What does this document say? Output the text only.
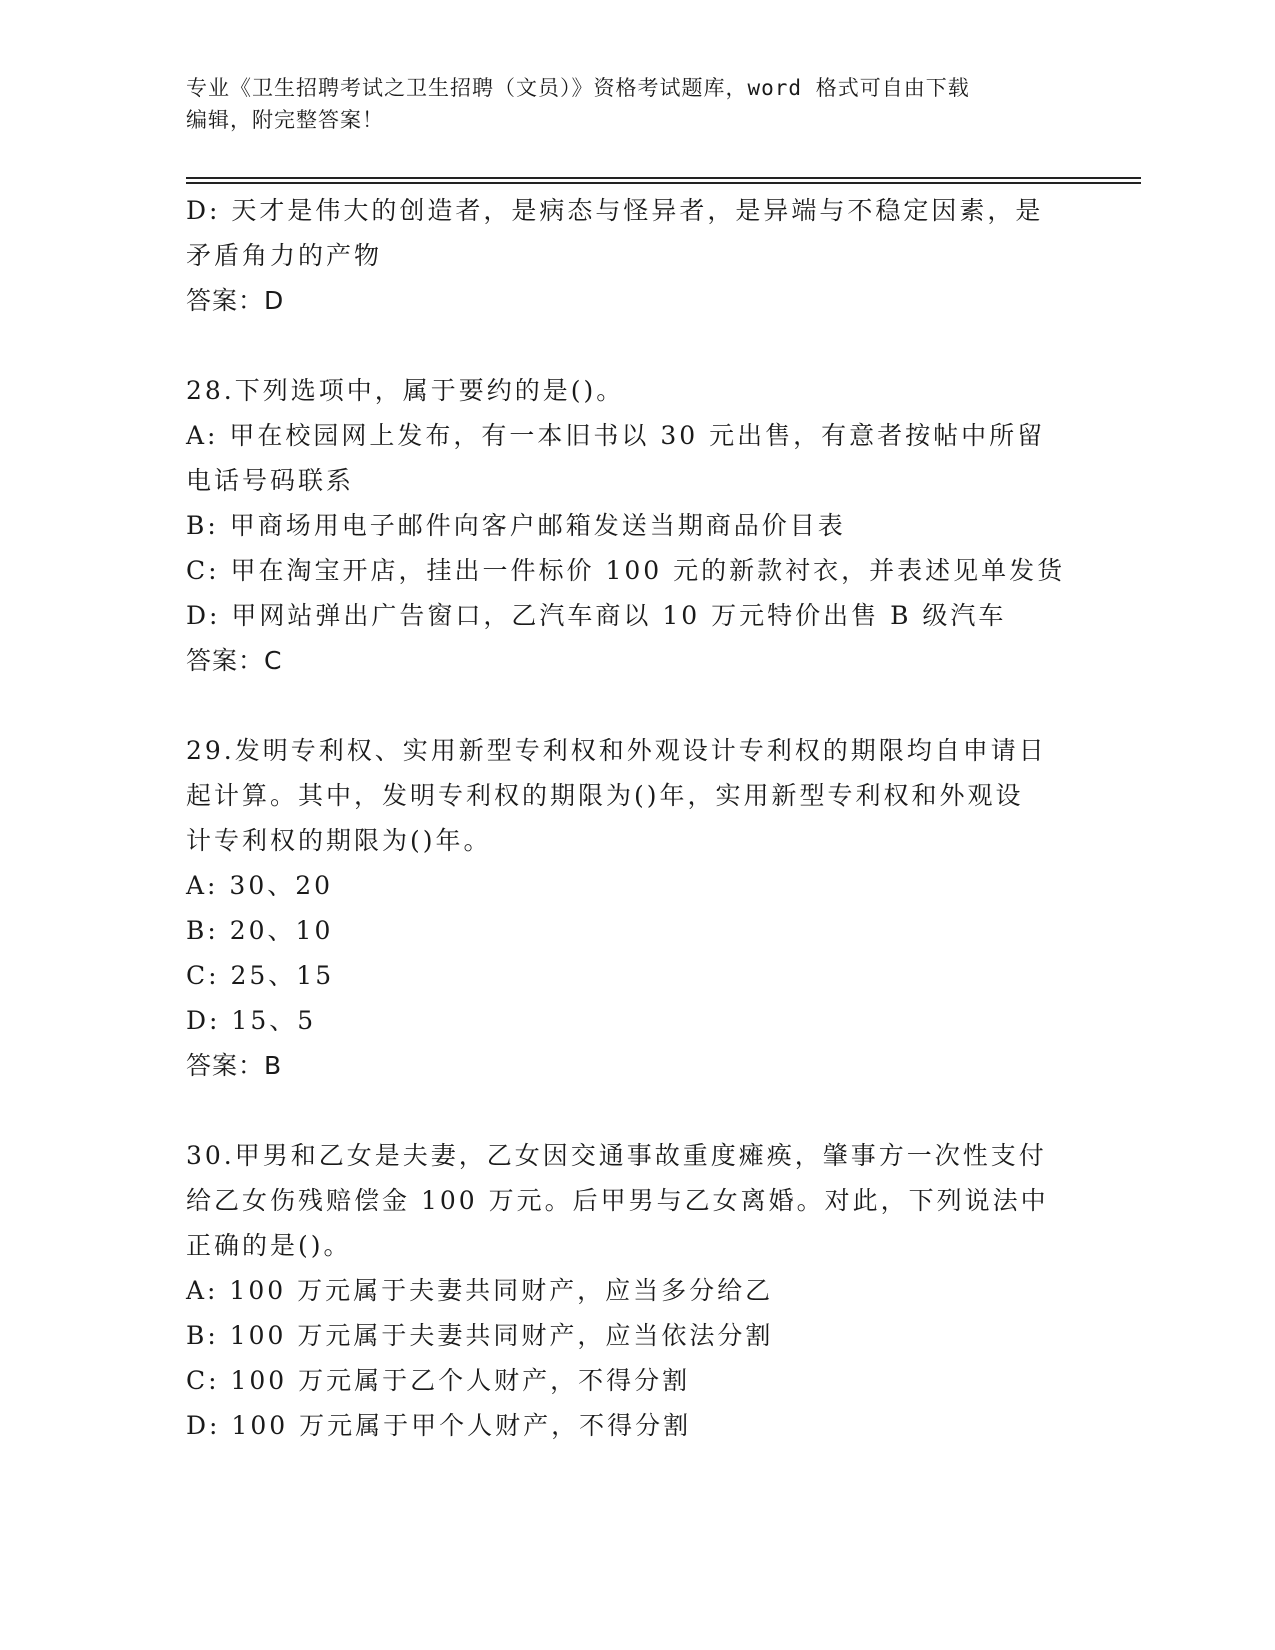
专业《卫生招聘考试之卫生招聘（文员）》资格考试题库，word 格式可自由下载
编辑，附完整答案！
D: 天才是伟大的创造者，是病态与怪异者，是异端与不稳定因素，是
矛盾角力的产物
答案：D
28.下列选项中，属于要约的是()。
A: 甲在校园网上发布，有一本旧书以 30 元出售，有意者按帖中所留
电话号码联系
B: 甲商场用电子邮件向客户邮箱发送当期商品价目表
C: 甲在淘宝开店，挂出一件标价 100 元的新款衬衣，并表述见单发货
D: 甲网站弹出广告窗口，乙汽车商以 10 万元特价出售 B 级汽车
答案：C
29.发明专利权、实用新型专利权和外观设计专利权的期限均自申请日
起计算。其中，发明专利权的期限为()年，实用新型专利权和外观设
计专利权的期限为()年。
A: 30、20
B: 20、10
C: 25、15
D: 15、5
答案：B
30.甲男和乙女是夫妻，乙女因交通事故重度瘫痪，肇事方一次性支付
给乙女伤残赔偿金 100 万元。后甲男与乙女离婚。对此，下列说法中
正确的是()。
A: 100 万元属于夫妻共同财产，应当多分给乙
B: 100 万元属于夫妻共同财产，应当依法分割
C: 100 万元属于乙个人财产，不得分割
D: 100 万元属于甲个人财产，不得分割
